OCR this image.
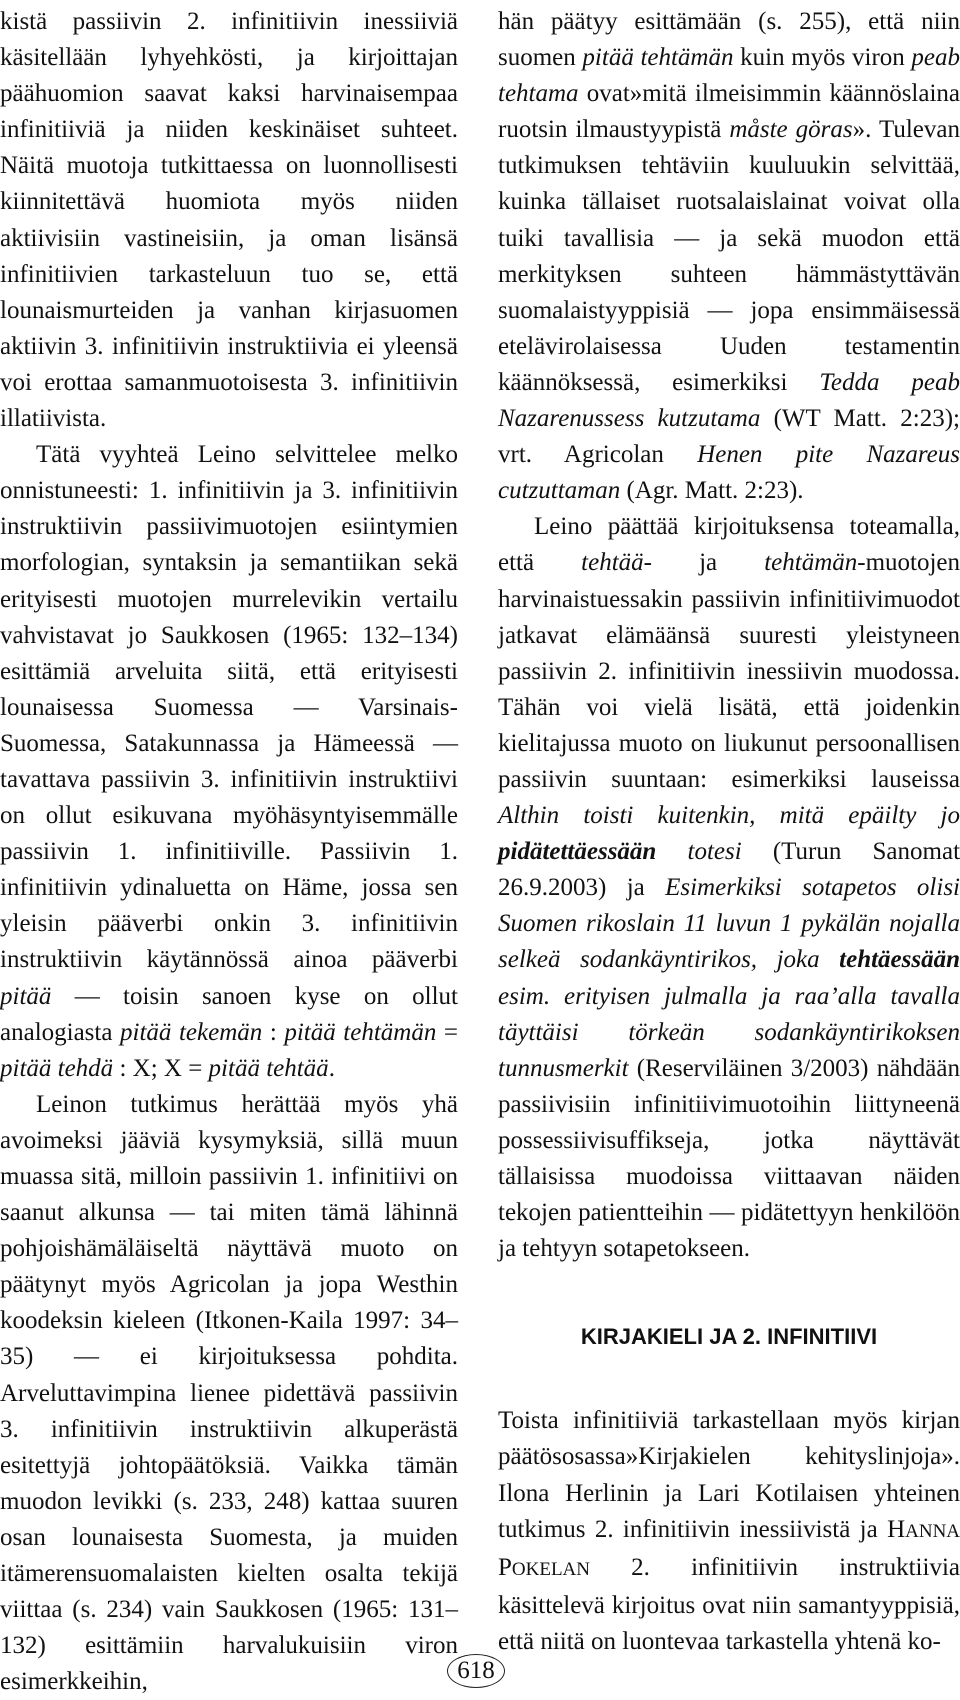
kistä passiivin 2. infinitiivin inessiiviä käsitellään lyhyehkösti, ja kirjoittajan päähuomion saavat kaksi harvinaisempaa infinitiiviä ja niiden keskinäiset suhteet. Näitä muotoja tutkittaessa on luonnollisesti kiinnitettävä huomiota myös niiden aktiivisiin vastineisiin, ja oman lisänsä infinitiivien tarkasteluun tuo se, että lounaismurteiden ja vanhan kirjasuomen aktiivin 3. infinitiivin instruktiivia ei yleensä voi erottaa samanmuotoisesta 3. infinitiivin illatiivista.

Tätä vyyhteä Leino selvittelee melko onnistuneesti: 1. infinitiivin ja 3. infinitiivin instruktiivin passiivimuotojen esiintymien morfologian, syntaksin ja semantiikan sekä erityisesti muotojen murrelevikin vertailu vahvistavat jo Saukkosen (1965: 132–134) esittämiä arveluita siitä, että erityisesti lounaisessa Suomessa — Varsinais-Suomessa, Satakunnassa ja Hämeessä — tavattava passiivin 3. infinitiivin instruktiivi on ollut esikuvana myöhäsyntyisemmälle passiivin 1. infinitiiville. Passiivin 1. infinitiivin ydinaluetta on Häme, jossa sen yleisin pääverbi onkin 3. infinitiivin instruktiivin käytännössä ainoa pääverbi pitää — toisin sanoen kyse on ollut analogiasta pitää tekemän : pitää tehtämän = pitää tehdä : X; X = pitää tehtää.

Leinon tutkimus herättää myös yhä avoimeksi jääviä kysymyksiä, sillä muun muassa sitä, milloin passiivin 1. infinitiivi on saanut alkunsa — tai miten tämä lähinnä pohjoishämäläiseltä näyttävä muoto on päätynyt myös Agricolan ja jopa Westhin koodeksin kieleen (Itkonen-Kaila 1997: 34–35) — ei kirjoituksessa pohdita. Arveluttavimpina lienee pidettävä passiivin 3. infinitiivin instruktiivin alkuperästä esitettyjä johtopäätöksiä. Vaikka tämän muodon levikki (s. 233, 248) kattaa suuren osan lounaisesta Suomesta, ja muiden itämerensuomalaisten kielten osalta tekijä viittaa (s. 234) vain Saukkosen (1965: 131–132) esittämiin harvalukuisiin viron esimerkkeihin,

hän päätyy esittämään (s. 255), että niin suomen pitää tehtämän kuin myös viron peab tehtama ovat»mitä ilmeisimmin käännöslaina ruotsin ilmaustyypistä måste göras». Tulevan tutkimuksen tehtäviin kuuluukin selvittää, kuinka tällaiset ruotsalaislainat voivat olla tuiki tavallisia — ja sekä muodon että merkityksen suhteen hämmästyttävän suomalaistyyppisiä — jopa ensimmäisessä etelävirolaisessa Uuden testamentin käännöksessä, esimerkiksi Tedda peab Nazarenussess kutzutama (WT Matt. 2:23); vrt. Agricolan Henen pite Nazareus cutzuttaman (Agr. Matt. 2:23).

Leino päättää kirjoituksensa toteamalla, että tehtää- ja tehtämän-muotojen harvinaistuessakin passiivin infinitiivimuodot jatkavat elämäänsä suuresti yleistyneen passiivin 2. infinitiivin inessiivin muodossa. Tähän voi vielä lisätä, että joidenkin kielitajussa muoto on liukunut persoonallisen passiivin suuntaan: esimerkiksi lauseissa Althin toisti kuitenkin, mitä epäilty jo pidätettäessään totesi (Turun Sanomat 26.9.2003) ja Esimerkiksi sotapetos olisi Suomen rikoslain 11 luvun 1 pykälän nojalla selkeä sodankäyntirikos, joka tehtäessään esim. erityisen julmalla ja raa’alla tavalla täyttäisi törkeän sodankäyntirikoksen tunnusmerkit (Reserviläinen 3/2003) nähdään passiivisiin infinitiivimuotoihin liittyneenä possessiivisuffikseja, jotka näyttävät tällaisissa muodoissa viittaavan näiden tekojen patientteihin — pidätettyyn henkilöön ja tehtyyn sotapetokseen.

KIRJAKIELI JA 2. INFINITIIVI

Toista infinitiiviä tarkastellaan myös kirjan päätösosassa»Kirjakielen kehityslinjoja». Ilona Herlinin ja Lari Kotilaisen yhteinen tutkimus 2. infinitiivin inessiivistä ja HANNA POKELAN 2. infinitiivin instruktiivia käsittelevä kirjoitus ovat niin samantyyppisiä, että niitä on luontevaa tarkastella yhtenä ko-

618
